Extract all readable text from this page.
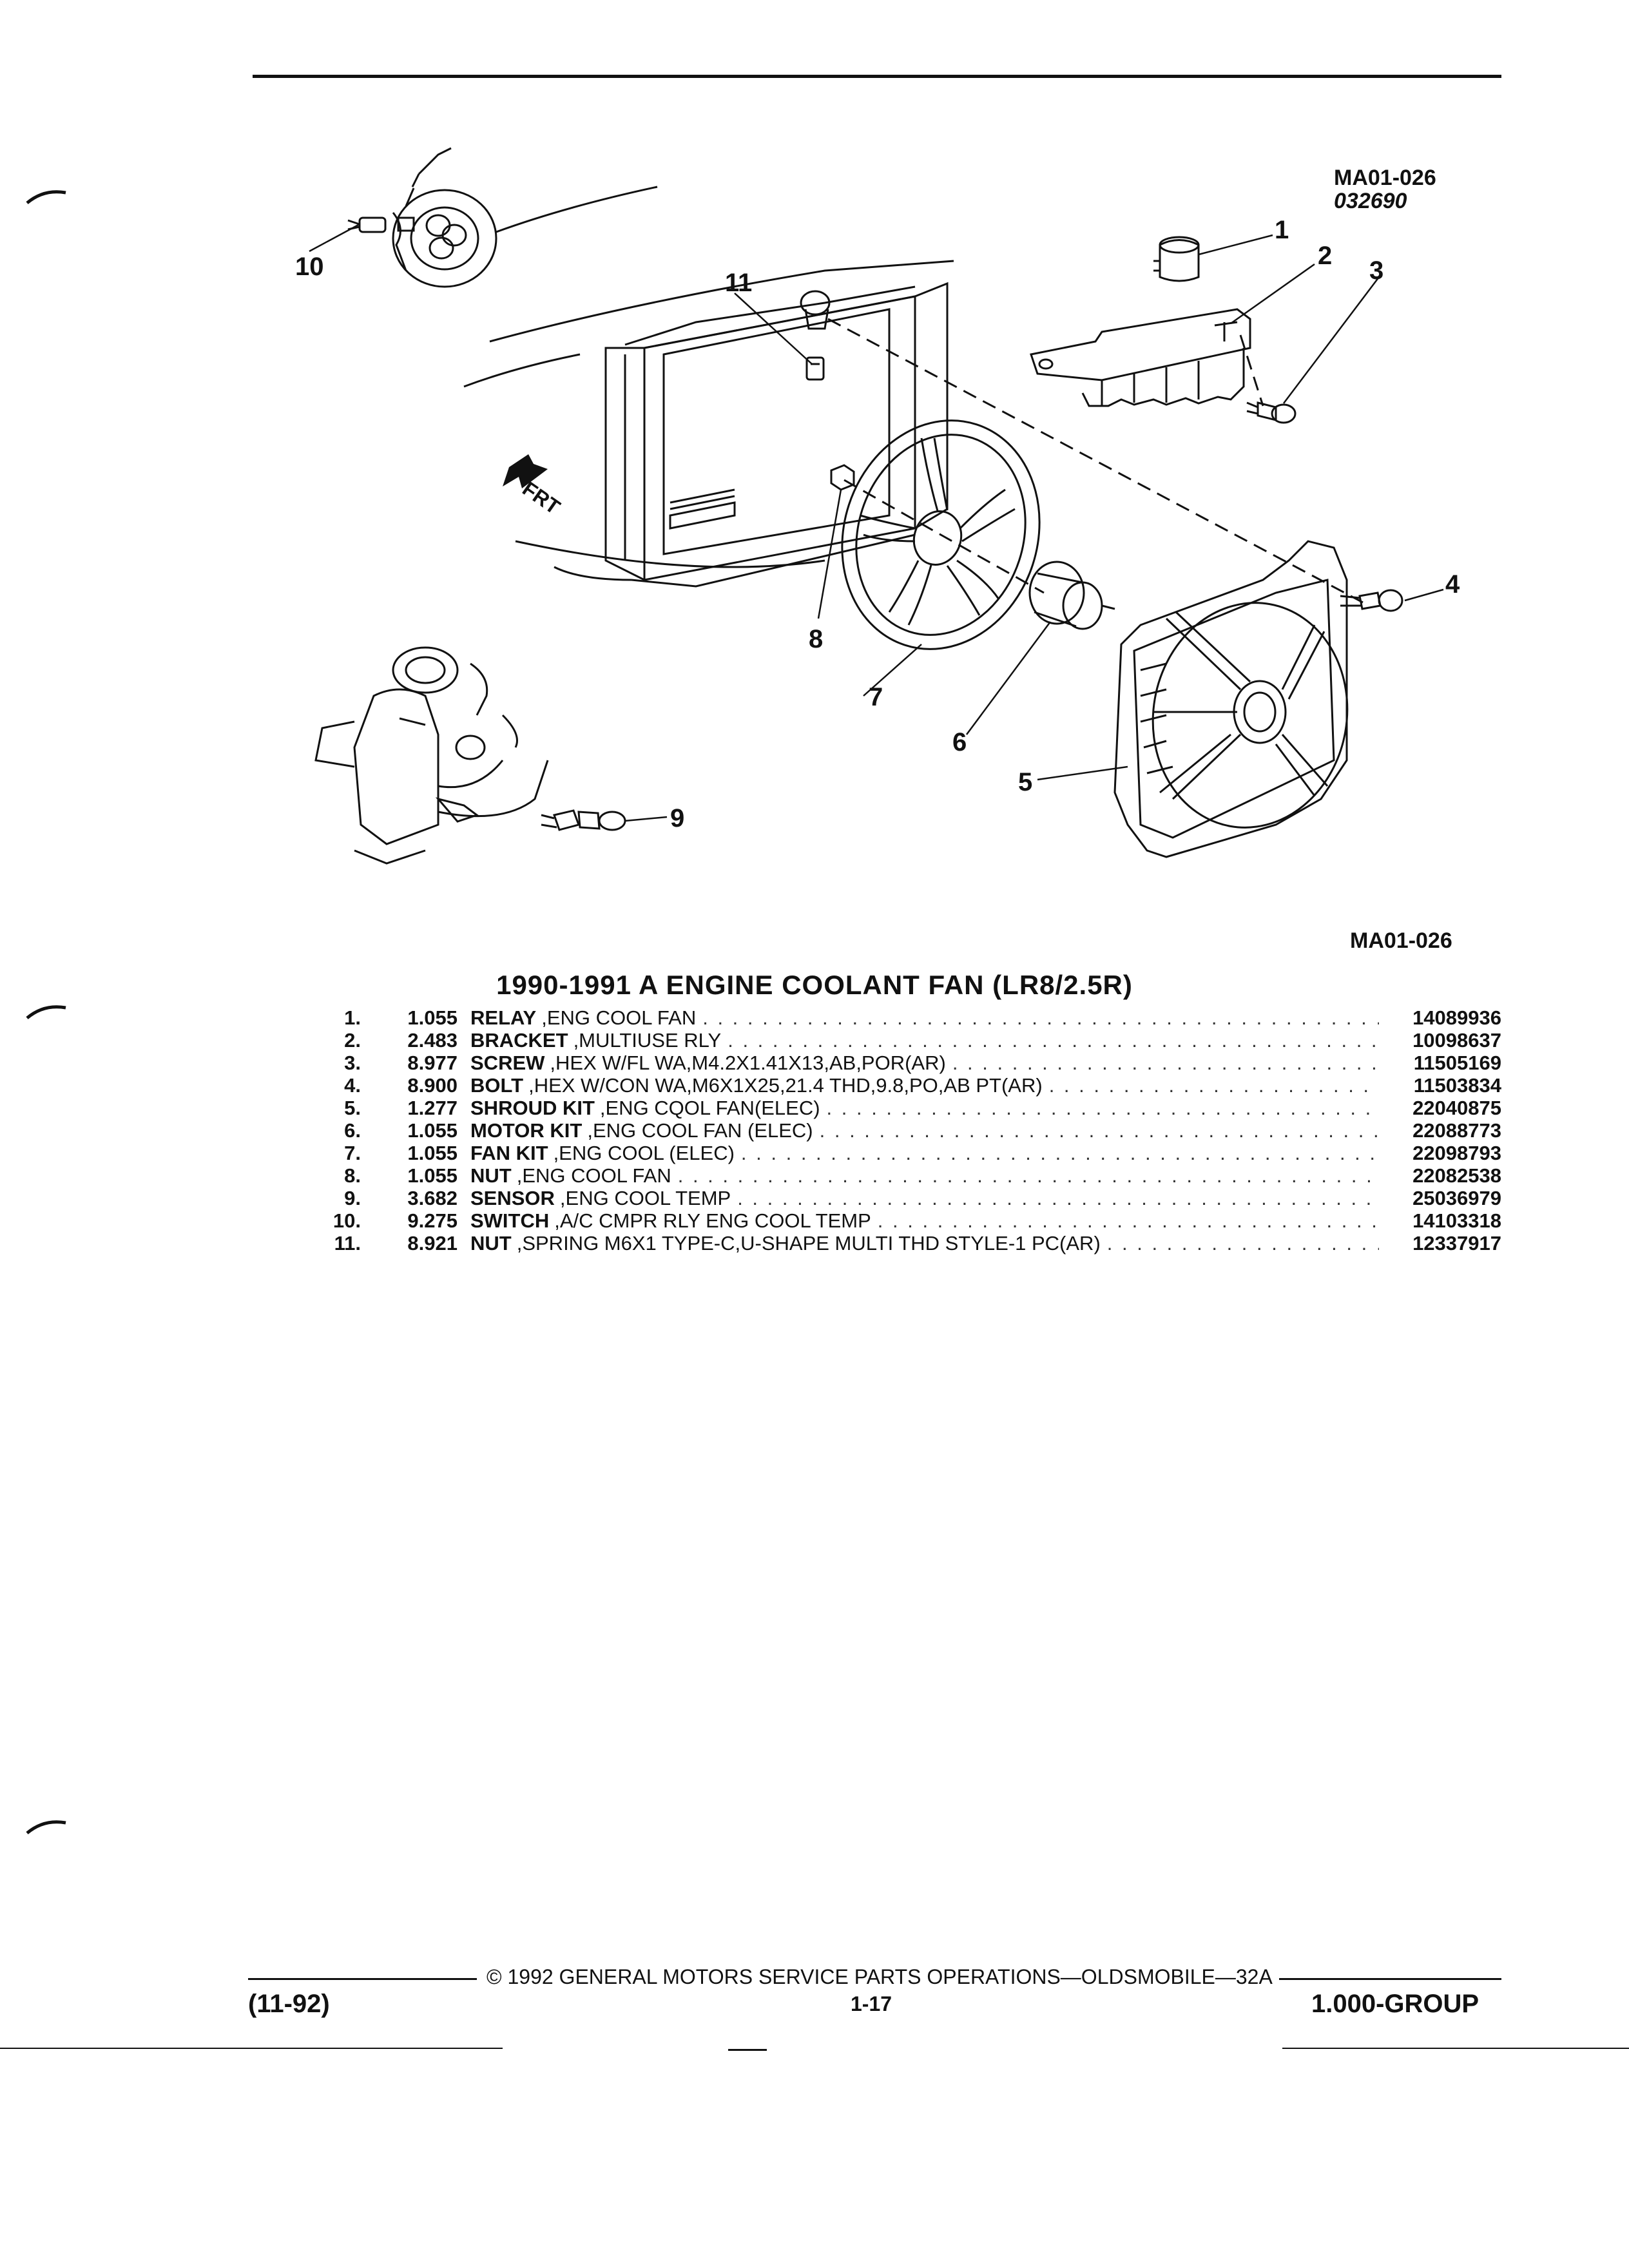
1
2
3
4
5
6
7
8
9
10
11
FRT
MA01-026
032690
MA01-026
1990-1991 A ENGINE COOLANT FAN (LR8/2.5R)
1.	1.055 RELAY ,ENG COOL FAN . . .	14089936
2.	2.483 BRACKET ,MULTIUSE RLY . . .	10098637
3.	8.977 SCREW ,HEX W/FL WA,M4.2X1.41X13,AB,POR(AR) . . .	11505169
4.	8.900 BOLT ,HEX W/CON WA,M6X1X25,21.4 THD,9.8,PO,AB PT(AR) . . .	11503834
5.	1.277 SHROUD KIT ,ENG CQOL FAN(ELEC) . . .	22040875
6.	1.055 MOTOR KIT ,ENG COOL FAN (ELEC) . . .	22088773
7.	1.055 FAN KIT ,ENG COOL (ELEC) . . .	22098793
8.	1.055 NUT ,ENG COOL FAN . . .	22082538
9.	3.682 SENSOR ,ENG COOL TEMP . . .	25036979
10.	9.275 SWITCH ,A/C CMPR RLY ENG COOL TEMP . . .	14103318
11.	8.921 NUT ,SPRING M6X1 TYPE-C,U-SHAPE MULTI THD STYLE-1 PC(AR) . . .	12337917
© 1992 GENERAL MOTORS SERVICE PARTS OPERATIONS—OLDSMOBILE—32A
(11-92)	1-17	1.000-GROUP
